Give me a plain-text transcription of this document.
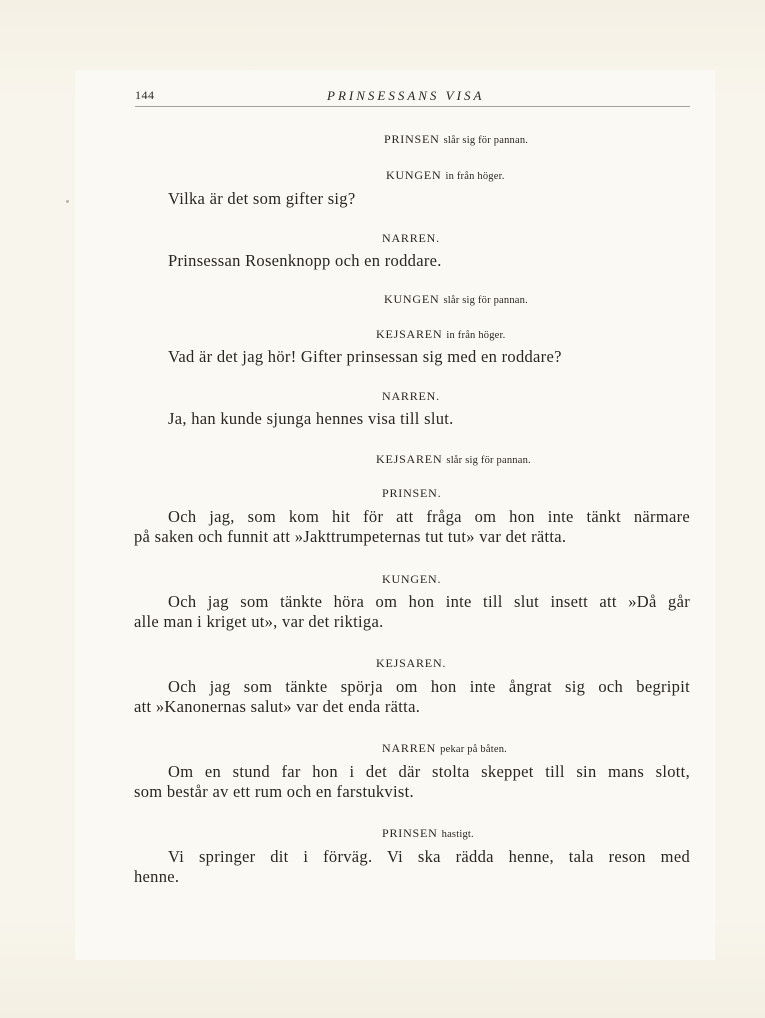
144	PRINSESSANS VISA
PRINSEN slår sig för pannan.
KUNGEN in från höger.
Vilka är det som gifter sig?
NARREN.
Prinsessan Rosenknopp och en roddare.
KUNGEN slår sig för pannan.
KEJSAREN in från höger.
Vad är det jag hör! Gifter prinsessan sig med en roddare?
NARREN.
Ja, han kunde sjunga hennes visa till slut.
KEJSAREN slår sig för pannan.
PRINSEN.
Och jag, som kom hit för att fråga om hon inte tänkt närmare
på saken och funnit att »Jakttrumpeternas tut tut» var det rätta.
KUNGEN.
Och jag som tänkte höra om hon inte till slut insett att »Då går
alle man i kriget ut», var det riktiga.
KEJSAREN.
Och jag som tänkte spörja om hon inte ångrat sig och begripit
att »Kanonernas salut» var det enda rätta.
NARREN pekar på båten.
Om en stund far hon i det där stolta skeppet till sin mans slott,
som består av ett rum och en farstukvist.
PRINSEN hastigt.
Vi springer dit i förväg. Vi ska rädda henne, tala reson med
henne.
